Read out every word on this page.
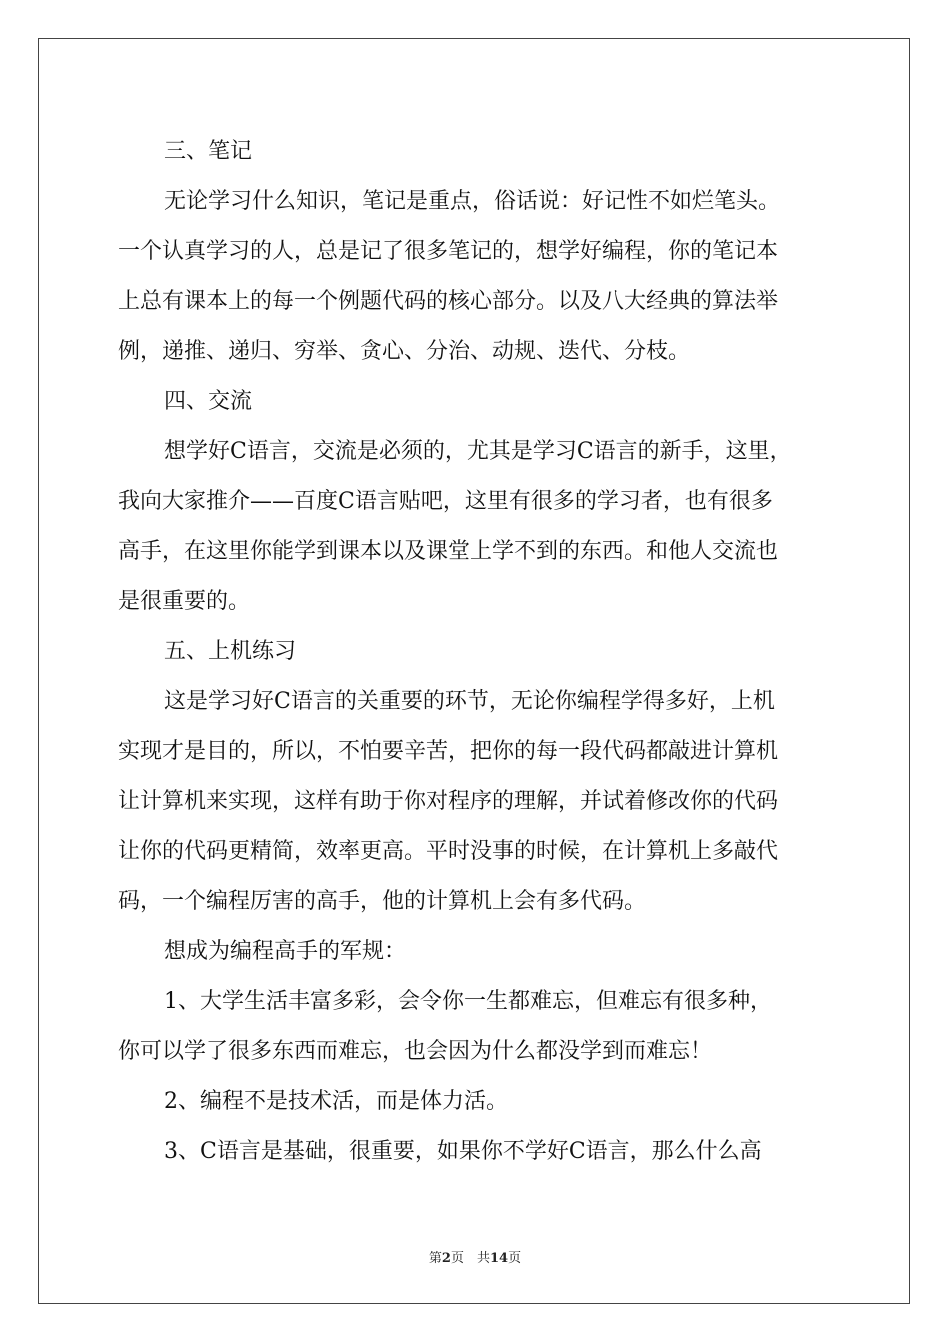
三、笔记

无论学习什么知识，笔记是重点，俗话说：好记性不如烂笔头。
一个认真学习的人，总是记了很多笔记的，想学好编程，你的笔记本
上总有课本上的每一个例题代码的核心部分。以及八大经典的算法举
例，递推、递归、穷举、贪心、分治、动规、迭代、分枝。

四、交流

想学好C语言，交流是必须的，尤其是学习C语言的新手，这里，
我向大家推介——百度C语言贴吧，这里有很多的学习者，也有很多
高手，在这里你能学到课本以及课堂上学不到的东西。和他人交流也
是很重要的。

五、上机练习

这是学习好C语言的关重要的环节，无论你编程学得多好，上机
实现才是目的，所以，不怕要辛苦，把你的每一段代码都敲进计算机
让计算机来实现，这样有助于你对程序的理解，并试着修改你的代码
让你的代码更精简，效率更高。平时没事的时候，在计算机上多敲代
码，一个编程厉害的高手，他的计算机上会有多代码。

想成为编程高手的军规：

1、大学生活丰富多彩，会令你一生都难忘，但难忘有很多种，
你可以学了很多东西而难忘，也会因为什么都没学到而难忘！

2、编程不是技术活，而是体力活。

3、C语言是基础，很重要，如果你不学好C语言，那么什么高

第2页　共14页
